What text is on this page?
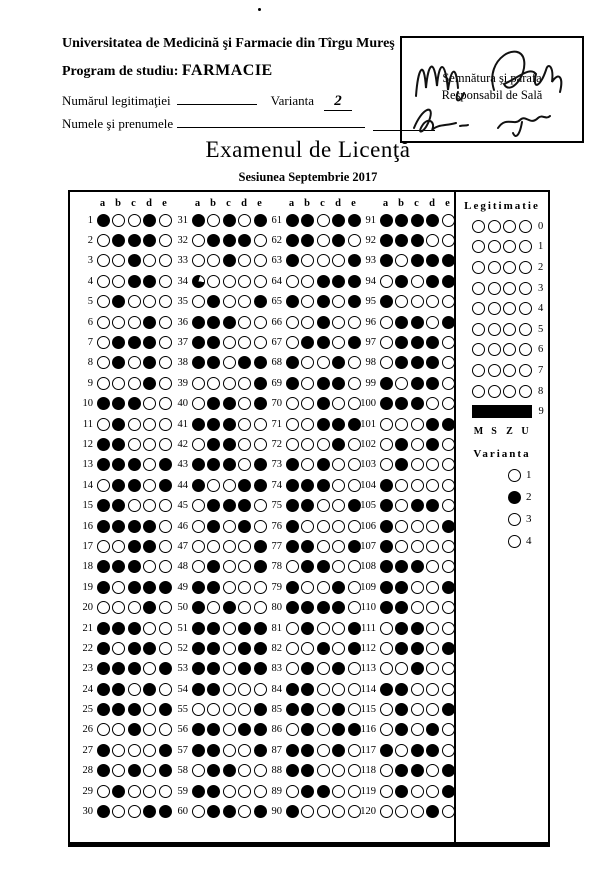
Universitatea de Medicină şi Farmacie din Tîrgu Mureş
Program de studiu: FARMACIE
Numărul legitimaţiei	Varianta	2
Numele şi prenumele
Semnătura şi parafa
Responsabil de Sală
Examenul de Licenţă
Sesiunea Septembrie 2017
a b c d e
1
2
3
4
5
6
7
8
9
10
11
12
13
14
15
16
17
18
19
20
21
22
23
24
25
26
27
28
29
30
a b c d e
31
32
33
34
35
36
37
38
39
40
41
42
43
44
45
46
47
48
49
50
51
52
53
54
55
56
57
58
59
60
a b c d e
61
62
63
64
65
66
67
68
69
70
71
72
73
74
75
76
77
78
79
80
81
82
83
84
85
86
87
88
89
90
a b c d e
91
92
93
94
95
96
97
98
99
100
101
102
103
104
105
106
107
108
109
110
111
112
113
114
115
116
117
118
119
120
Legitimatie
0
1
2
3
4
5
6
7
8
9
M S Z U
Varianta
1
2
3
4
